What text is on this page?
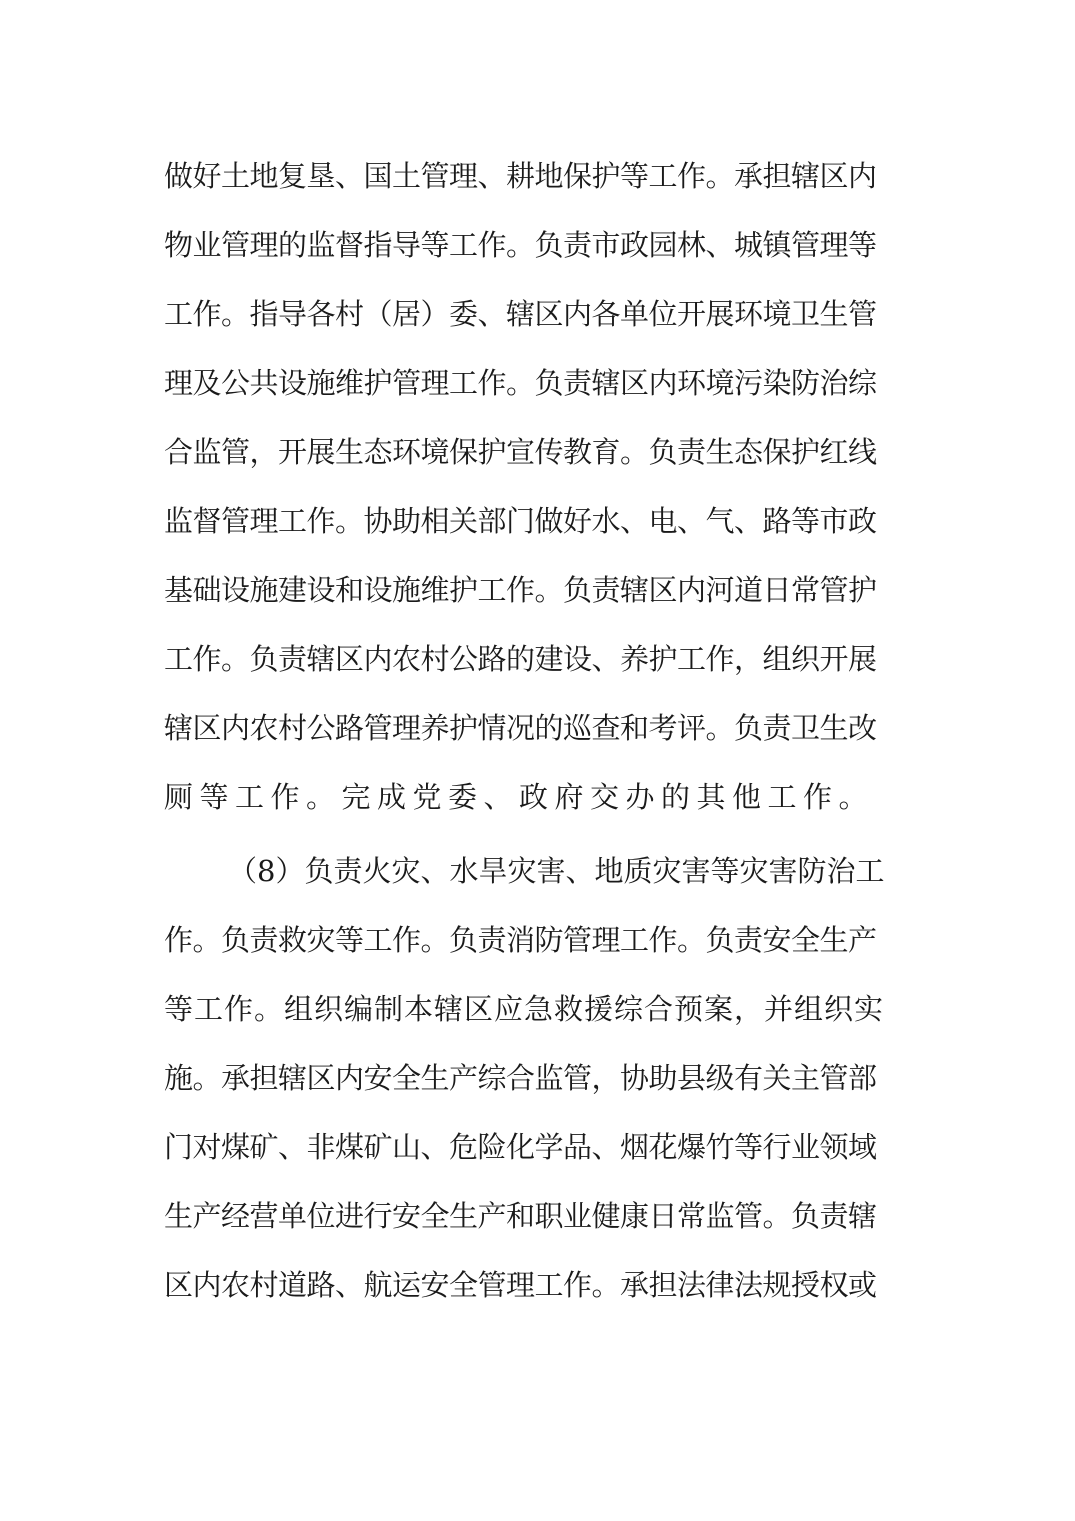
做好土地复垦、国土管理、耕地保护等工作。承担辖区内
物业管理的监督指导等工作。负责市政园林、城镇管理等
工作。指导各村（居）委、辖区内各单位开展环境卫生管
理及公共设施维护管理工作。负责辖区内环境污染防治综
合监管，开展生态环境保护宣传教育。负责生态保护红线
监督管理工作。协助相关部门做好水、电、气、路等市政
基础设施建设和设施维护工作。负责辖区内河道日常管护
工作。负责辖区内农村公路的建设、养护工作，组织开展
辖区内农村公路管理养护情况的巡查和考评。负责卫生改
厕等工作。完成党委、政府交办的其他工作。
（8）负责火灾、水旱灾害、地质灾害等灾害防治工
作。负责救灾等工作。负责消防管理工作。负责安全生产
等工作。组织编制本辖区应急救援综合预案，并组织实
施。承担辖区内安全生产综合监管，协助县级有关主管部
门对煤矿、非煤矿山、危险化学品、烟花爆竹等行业领域
生产经营单位进行安全生产和职业健康日常监管。负责辖
区内农村道路、航运安全管理工作。承担法律法规授权或
